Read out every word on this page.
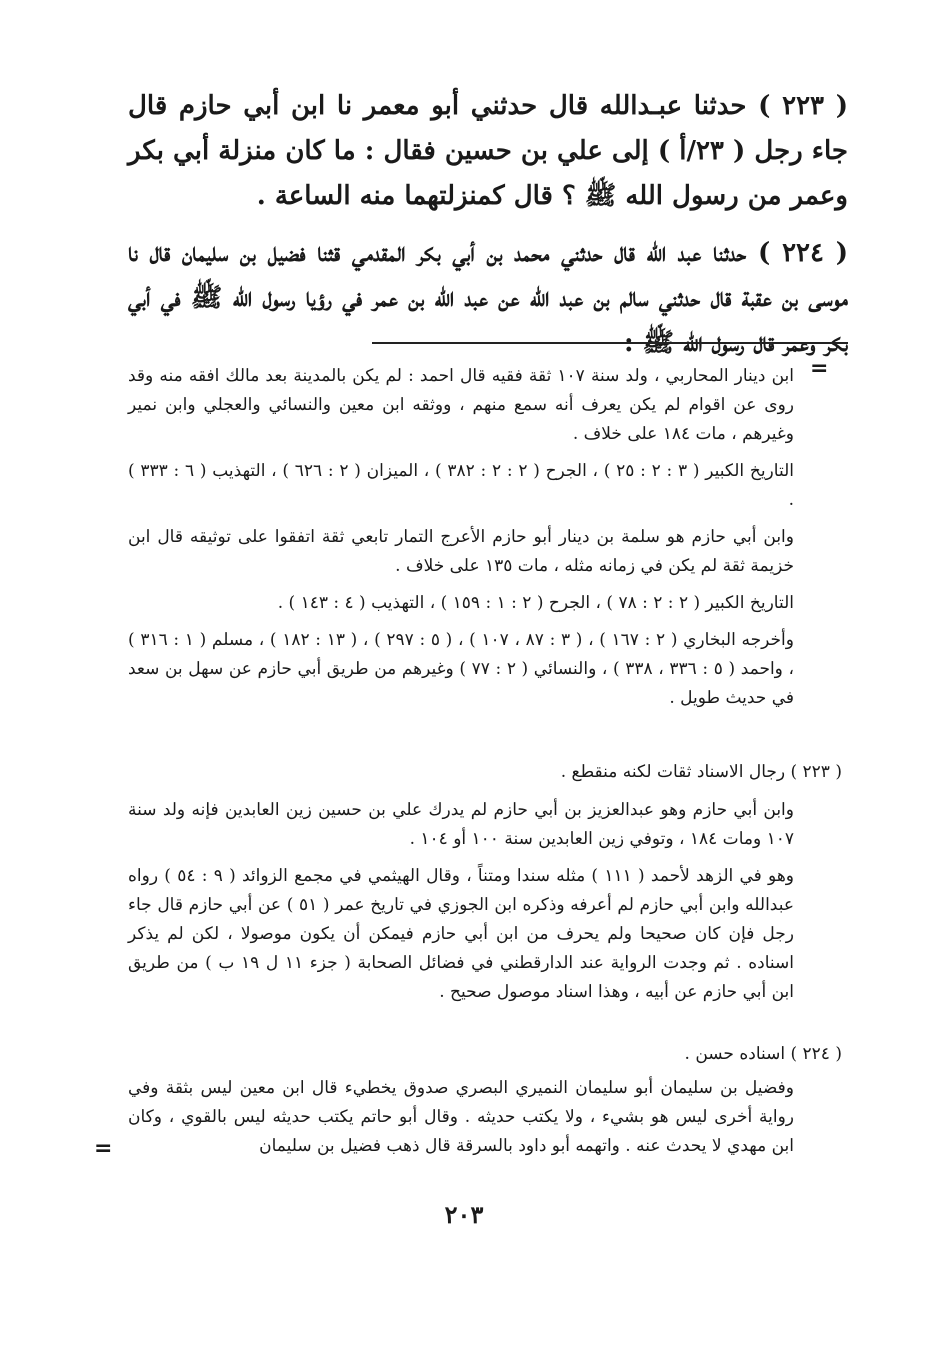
( ٢٢٣ ) حدثنا عبـدالله قال حدثني أبو معمر نا ابن أبي حازم قال جاء رجل ( ٢٣/أ ) إلى علي بن حسين فقال : ما كان منزلة أبي بكر وعمر من رسول الله ﷺ ؟ قال كمنزلتهما منه الساعة .

( ٢٢٤ ) حدثنا عبد الله قال حدثني محمد بن أبي بكر المقدمي قثنا فضيل بن سليمان قال نا موسى بن عقبة قال حدثني سالم بن عبد الله عن عبد الله بن عمر في رؤيا رسول الله ﷺ في أبي بكر وعمر قال رسول الله ﷺ :

=

ابن دينار المحاربي ، ولد سنة ١٠٧ ثقة فقيه قال احمد : لم يكن بالمدينة بعد مالك افقه منه وقد روى عن اقوام لم يكن يعرف أنه سمع منهم ، ووثقه ابن معين والنسائي والعجلي وابن نمير وغيرهم ، مات ١٨٤ على خلاف .

التاريخ الكبير ( ٣ : ٢ : ٢٥ ) ، الجرح ( ٢ : ٢ : ٣٨٢ ) ، الميزان ( ٢ : ٦٢٦ ) ، التهذيب ( ٦ : ٣٣٣ ) .

وابن أبي حازم هو سلمة بن دينار أبو حازم الأعرج التمار تابعي ثقة اتفقوا على توثيقه قال ابن خزيمة ثقة لم يكن في زمانه مثله ، مات ١٣٥ على خلاف .

التاريخ الكبير ( ٢ : ٢ : ٧٨ ) ، الجرح ( ٢ : ١ : ١٥٩ ) ، التهذيب ( ٤ : ١٤٣ ) .

وأخرجه البخاري ( ٢ : ١٦٧ ) ، ( ٣ : ٨٧ ، ١٠٧ ) ، ( ٥ : ٢٩٧ ) ، ( ١٣ : ١٨٢ ) ، مسلم ( ١ : ٣١٦ ) ، واحمد ( ٥ : ٣٣٦ ، ٣٣٨ ) ، والنسائي ( ٢ : ٧٧ ) وغيرهم من طريق أبي حازم عن سهل بن سعد في حديث طويل .

( ٢٢٣ ) رجال الاسناد ثقات لكنه منقطع .

وابن أبي حازم وهو عبدالعزيز بن أبي حازم لم يدرك علي بن حسين زين العابدين فإنه ولد سنة ١٠٧ ومات ١٨٤ ، وتوفي زين العابدين سنة ١٠٠ أو ١٠٤ .

وهو في الزهد لأحمد ( ١١١ ) مثله سندا ومتناً ، وقال الهيثمي في مجمع الزوائد ( ٩ : ٥٤ ) رواه عبدالله وابن أبي حازم لم أعرفه وذكره ابن الجوزي في تاريخ عمر ( ٥١ ) عن أبي حازم قال جاء رجل فإن كان صحيحا ولم يحرف من ابن أبي حازم فيمكن أن يكون موصولا ، لكن لم يذكر اسناده . ثم وجدت الرواية عند الدارقطني في فضائل الصحابة ( جزء ١١ ل ١٩ ب ) من طريق ابن أبي حازم عن أبيه ، وهذا اسناد موصول صحيح .

( ٢٢٤ ) اسناده حسن .

وفضيل بن سليمان أبو سليمان النميري البصري صدوق يخطيء قال ابن معين ليس بثقة وفي رواية أخرى ليس هو بشيء ، ولا يكتب حديثه . وقال أبو حاتم يكتب حديثه ليس بالقوي ، وكان ابن مهدي لا يحدث عنه . واتهمه أبو داود بالسرقة قال ذهب فضيل بن سليمان

=
٢٠٣
